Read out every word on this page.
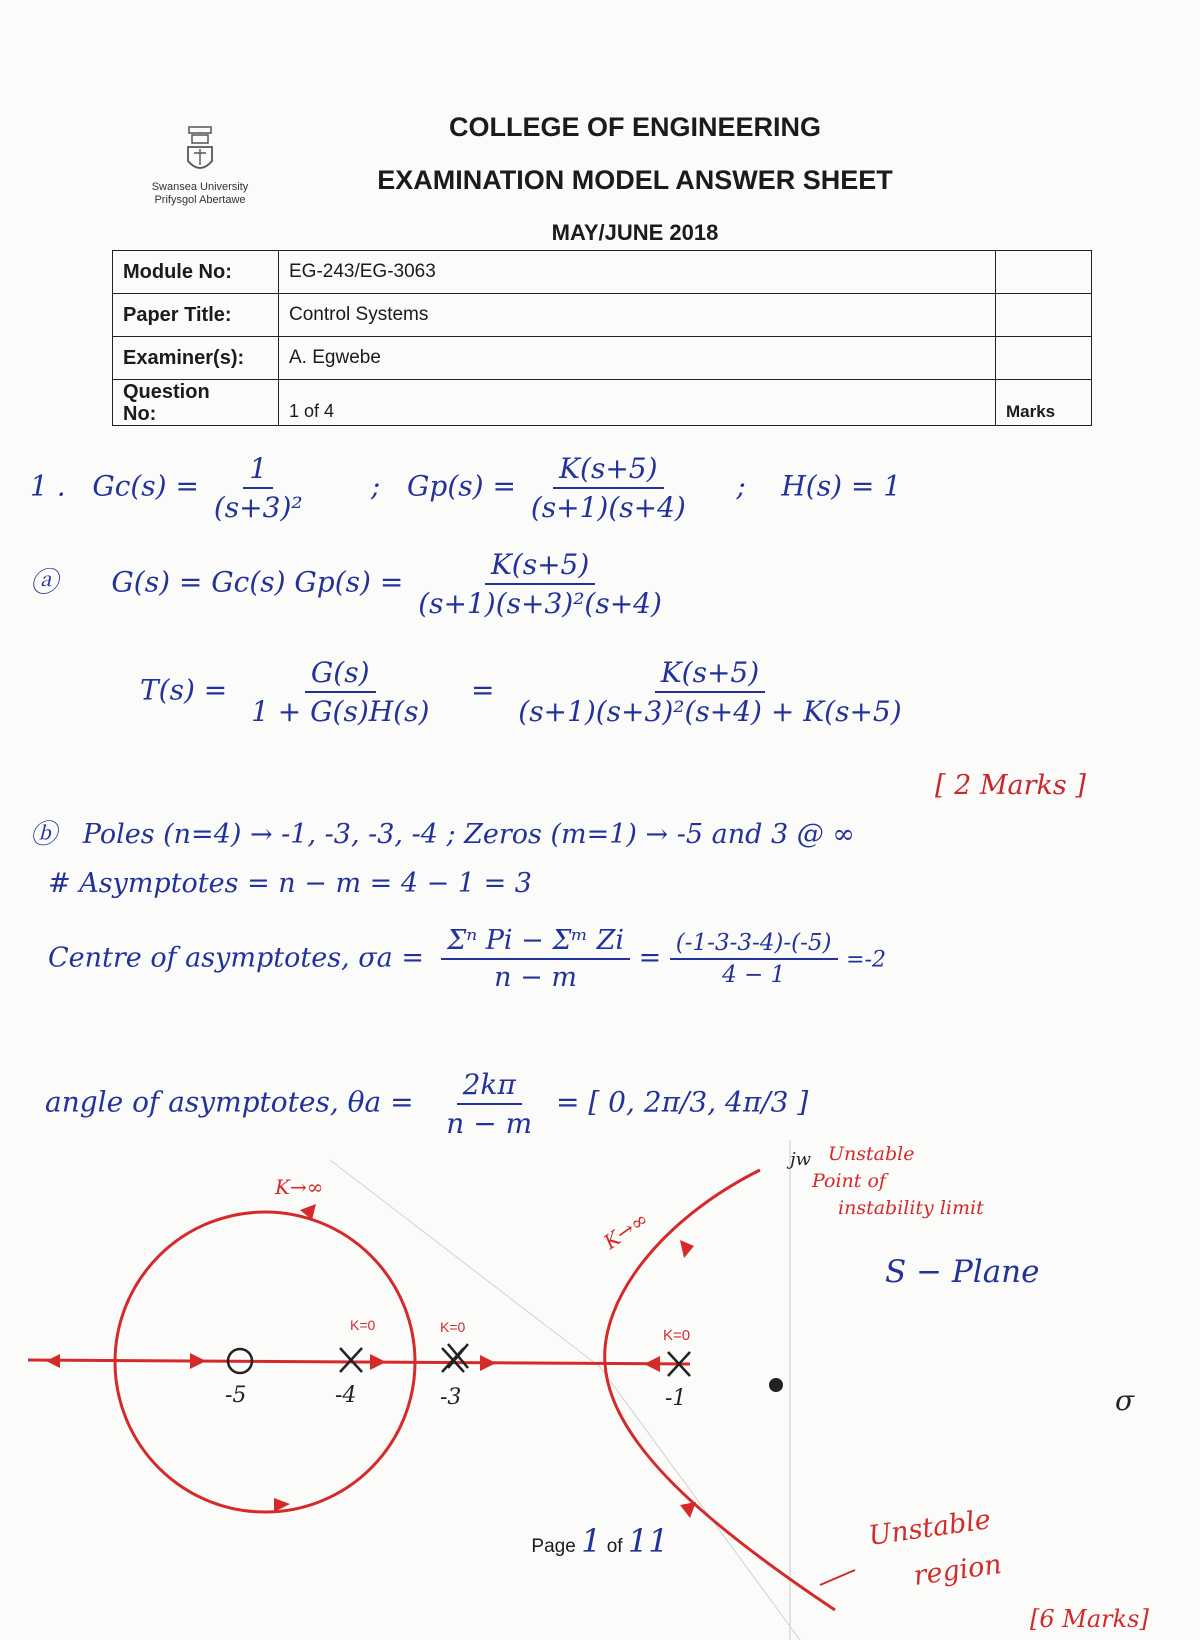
Swansea University
Prifysgol Abertawe
COLLEGE OF ENGINEERING
EXAMINATION MODEL ANSWER SHEET
MAY/JUNE 2018
Module No:	EG-243/EG-3063	
Paper Title:	Control Systems	
Examiner(s):	A. Egwebe	

Question
No:	1 of 4	Marks
1 . $Gc(s) = \frac{1}{\text{(s+3)²}}$ ; $Gp(s) = \frac{K(s+5)}{(s+1)(s+4)}$ ; H(s) = 1
ⓐ G(s) = Gc(s) $Gp(s) = \frac{K(s+5)}{\text{(s+1)(s+3)²(s+4)}}$
$T(s) = \frac{G(s)}{1 + G(s)H(s)} = \frac{K(s+5)}{\text{(s+1)(s+3)²(s+4) + K(s+5)}}$
[ 2 Marks ]
ⓑ Poles (n=4) → -1, -3, -3, -4 ; Zeros (m=1) → -5 and 3 @ ∞
# Asymptotes = n − m = 4 − 1 = 3
Centre of asymptotes, $\sigma a = \frac{\text{Σⁿ Pi − Σᵐ Zi}}{n - m} = \frac{(-1-3-3-4)-(-5)}{4 - 1} =-2$
angle of asymptotes, $\theta a = \frac{2k\pi}{n - m}$ = [ 0, 2π/3, 4π/3 ]
K→∞
K→∞
jw Unstable
Point of
instability limit
S − Plane
K=0	K=0	K=0
-5	-4	-3	-1	σ
Unstable
region
[6 Marks]
Page 1 of 11
